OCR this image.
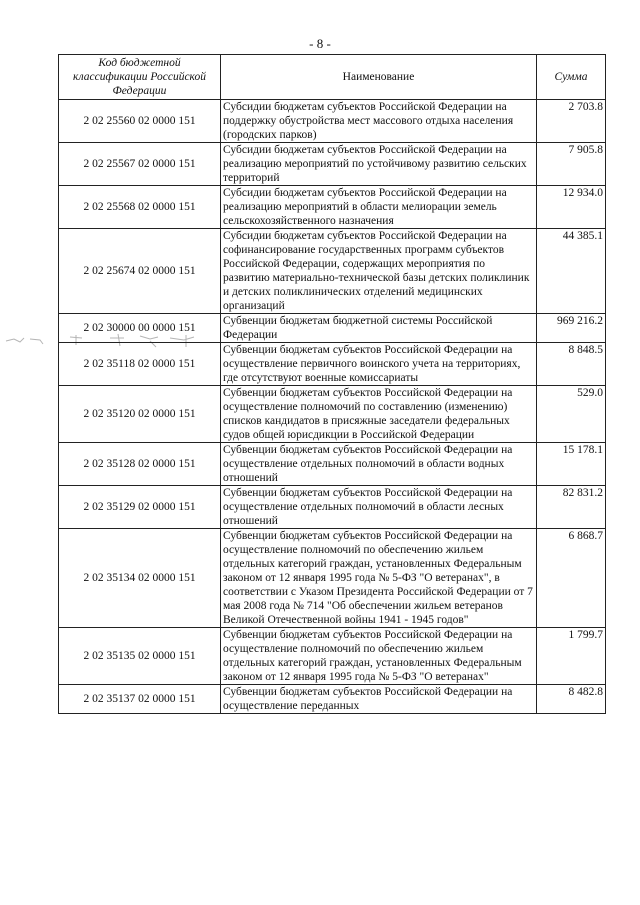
- 8 -
Код бюджетной классификации Российской Федерации	Наименование	Сумма
2 02 25560 02 0000 151	Субсидии бюджетам субъектов Российской Федерации на поддержку обустройства мест массового отдыха населения (городских парков)	2 703.8
2 02 25567 02 0000 151	Субсидии бюджетам субъектов Российской Федерации на реализацию мероприятий по устойчивому развитию сельских территорий	7 905.8
2 02 25568 02 0000 151	Субсидии бюджетам субъектов Российской Федерации на реализацию мероприятий в области мелиорации земель сельскохозяйственного назначения	12 934.0
2 02 25674 02 0000 151	Субсидии бюджетам субъектов Российской Федерации на софинансирование государственных программ субъектов Российской Федерации, содержащих мероприятия по развитию материально-технической базы детских поликлиник и детских поликлинических отделений медицинских организаций	44 385.1
2 02 30000 00 0000 151	Субвенции бюджетам бюджетной системы Российской Федерации	969 216.2
2 02 35118 02 0000 151	Субвенции бюджетам субъектов Российской Федерации на осуществление первичного воинского учета на территориях, где отсутствуют военные комиссариаты	8 848.5
2 02 35120 02 0000 151	Субвенции бюджетам субъектов Российской Федерации на осуществление полномочий по составлению (изменению) списков кандидатов в присяжные заседатели федеральных судов общей юрисдикции в Российской Федерации	529.0
2 02 35128 02 0000 151	Субвенции бюджетам субъектов Российской Федерации на осуществление отдельных полномочий в области водных отношений	15 178.1
2 02 35129 02 0000 151	Субвенции бюджетам субъектов Российской Федерации на осуществление отдельных полномочий в области лесных отношений	82 831.2
2 02 35134 02 0000 151	Субвенции бюджетам субъектов Российской Федерации на осуществление полномочий по обеспечению жильем отдельных категорий граждан, установленных Федеральным законом от 12 января 1995 года № 5-ФЗ "О ветеранах", в соответствии с Указом Президента Российской Федерации от 7 мая 2008 года № 714 "Об обеспечении жильем ветеранов Великой Отечественной войны 1941 - 1945 годов"	6 868.7
2 02 35135 02 0000 151	Субвенции бюджетам субъектов Российской Федерации на осуществление полномочий по обеспечению жильем отдельных категорий граждан, установленных Федеральным законом от 12 января 1995 года № 5-ФЗ "О ветеранах"	1 799.7
2 02 35137 02 0000 151	Субвенции бюджетам субъектов Российской Федерации на осуществление переданных	8 482.8
